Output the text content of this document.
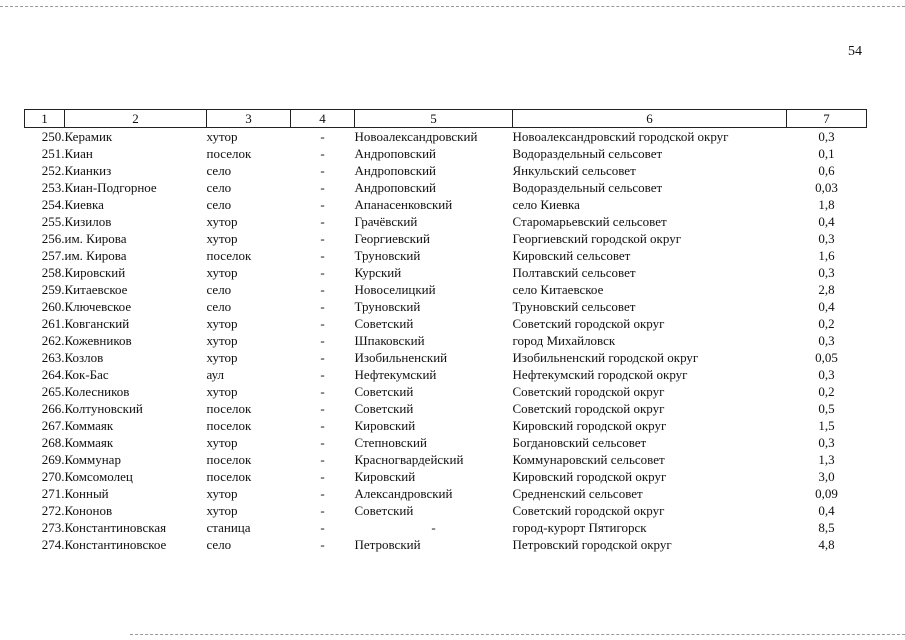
54
1	2	3	4	5	6	7
250.	Керамик	хутор	-	Новоалександровский	Новоалександровский городской округ	0,3
251.	Киан	поселок	-	Андроповский	Водораздельный сельсовет	0,1
252.	Кианкиз	село	-	Андроповский	Янкульский сельсовет	0,6
253.	Киан-Подгорное	село	-	Андроповский	Водораздельный сельсовет	0,03
254.	Киевка	село	-	Апанасенковский	село Киевка	1,8
255.	Кизилов	хутор	-	Грачёвский	Старомарьевский сельсовет	0,4
256.	им. Кирова	хутор	-	Георгиевский	Георгиевский городской округ	0,3
257.	им. Кирова	поселок	-	Труновский	Кировский сельсовет	1,6
258.	Кировский	хутор	-	Курский	Полтавский сельсовет	0,3
259.	Китаевское	село	-	Новоселицкий	село Китаевское	2,8
260.	Ключевское	село	-	Труновский	Труновский сельсовет	0,4
261.	Ковганский	хутор	-	Советский	Советский городской округ	0,2
262.	Кожевников	хутор	-	Шпаковский	город Михайловск	0,3
263.	Козлов	хутор	-	Изобильненский	Изобильненский городской округ	0,05
264.	Кок-Бас	аул	-	Нефтекумский	Нефтекумский городской округ	0,3
265.	Колесников	хутор	-	Советский	Советский городской округ	0,2
266.	Колтуновский	поселок	-	Советский	Советский городской округ	0,5
267.	Коммаяк	поселок	-	Кировский	Кировский городской округ	1,5
268.	Коммаяк	хутор	-	Степновский	Богдановский сельсовет	0,3
269.	Коммунар	поселок	-	Красногвардейский	Коммунаровский сельсовет	1,3
270.	Комсомолец	поселок	-	Кировский	Кировский городской округ	3,0
271.	Конный	хутор	-	Александровский	Средненский сельсовет	0,09
272.	Кононов	хутор	-	Советский	Советский городской округ	0,4
273.	Константиновская	станица	-	-	город-курорт Пятигорск	8,5
274.	Константиновское	село	-	Петровский	Петровский городской округ	4,8
